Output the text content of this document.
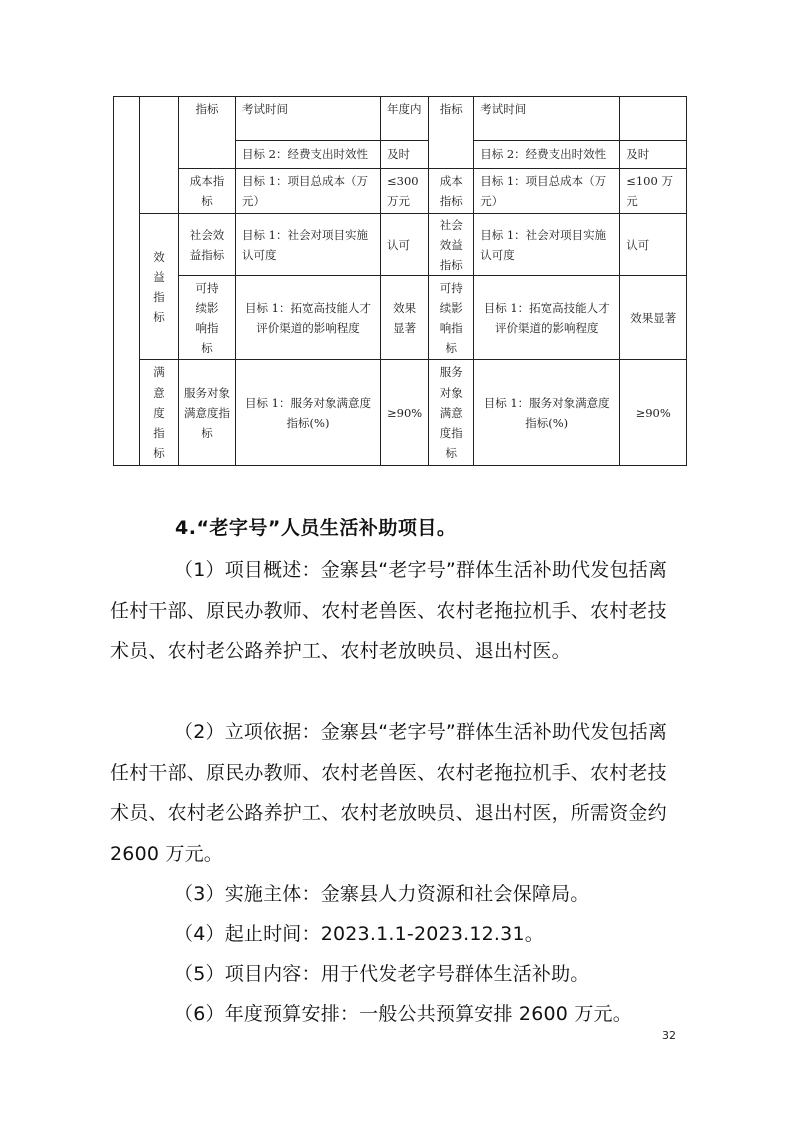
		指标	考试时间	年度内	指标	考试时间	
			目标 2：经费支出时效性	及时		目标 2：经费支出时效性	及时
		成本指标	目标 1：项目总成本（万元）	≤300 万元	成本指标	目标 1：项目总成本（万元）	≤100 万元
	效益指标	社会效益指标	目标 1：社会对项目实施认可度	认可	社会效益指标	目标 1：社会对项目实施认可度	认可
		可持续影响指标	目标 1：拓宽高技能人才评价渠道的影响程度	效果显著	可持续影响指标	目标 1：拓宽高技能人才评价渠道的影响程度	效果显著
	满意度指标	服务对象满意度指标	目标 1：服务对象满意度指标(%)	≥90%	服务对象满意度指标	目标 1：服务对象满意度指标(%)	≥90%
4.“老字号”人员生活补助项目。
（1）项目概述：金寨县“老字号”群体生活补助代发包括离任村干部、原民办教师、农村老兽医、农村老拖拉机手、农村老技术员、农村老公路养护工、农村老放映员、退出村医。
（2）立项依据：金寨县“老字号”群体生活补助代发包括离任村干部、原民办教师、农村老兽医、农村老拖拉机手、农村老技术员、农村老公路养护工、农村老放映员、退出村医，所需资金约 2600 万元。
（3）实施主体：金寨县人力资源和社会保障局。
（4）起止时间：2023.1.1-2023.12.31。
（5）项目内容：用于代发老字号群体生活补助。
（6）年度预算安排：一般公共预算安排 2600 万元。
32
